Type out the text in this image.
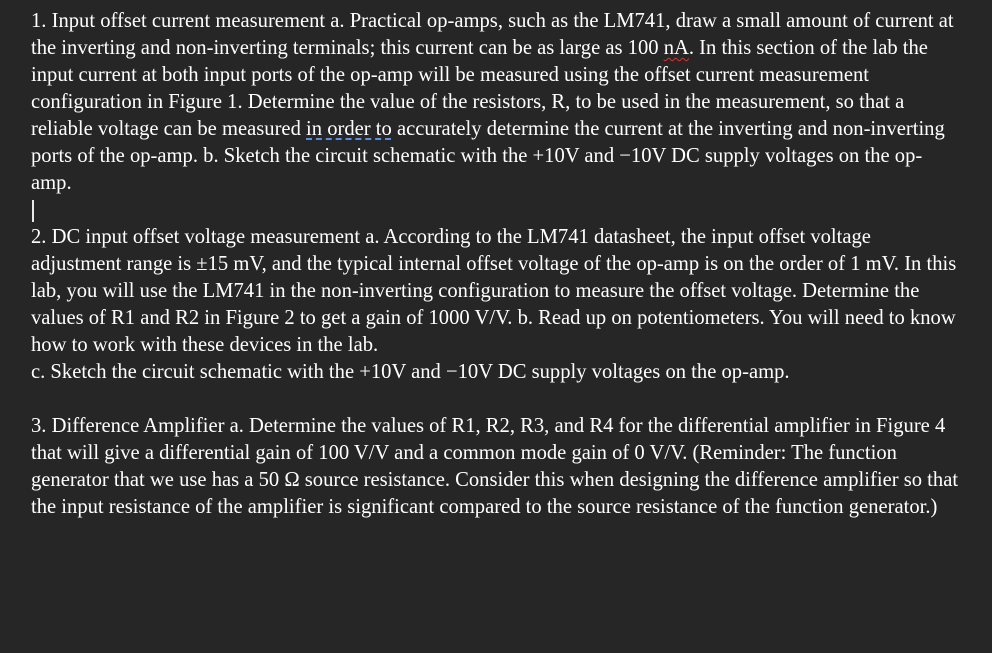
1. Input offset current measurement a. Practical op-amps, such as the LM741, draw a small amount of current at the inverting and non-inverting terminals; this current can be as large as 100 nA. In this section of the lab the input current at both input ports of the op-amp will be measured using the offset current measurement configuration in Figure 1. Determine the value of the resistors, R, to be used in the measurement, so that a reliable voltage can be measured in order to accurately determine the current at the inverting and non-inverting ports of the op-amp. b. Sketch the circuit schematic with the +10V and −10V DC supply voltages on the op-amp.

2. DC input offset voltage measurement a. According to the LM741 datasheet, the input offset voltage adjustment range is ±15 mV, and the typical internal offset voltage of the op-amp is on the order of 1 mV. In this lab, you will use the LM741 in the non-inverting configuration to measure the offset voltage. Determine the values of R1 and R2 in Figure 2 to get a gain of 1000 V/V. b. Read up on potentiometers. You will need to know how to work with these devices in the lab.

c. Sketch the circuit schematic with the +10V and −10V DC supply voltages on the op-amp.

3. Difference Amplifier a. Determine the values of R1, R2, R3, and R4 for the differential amplifier in Figure 4 that will give a differential gain of 100 V/V and a common mode gain of 0 V/V. (Reminder: The function generator that we use has a 50 Ω source resistance. Consider this when designing the difference amplifier so that the input resistance of the amplifier is significant compared to the source resistance of the function generator.)
